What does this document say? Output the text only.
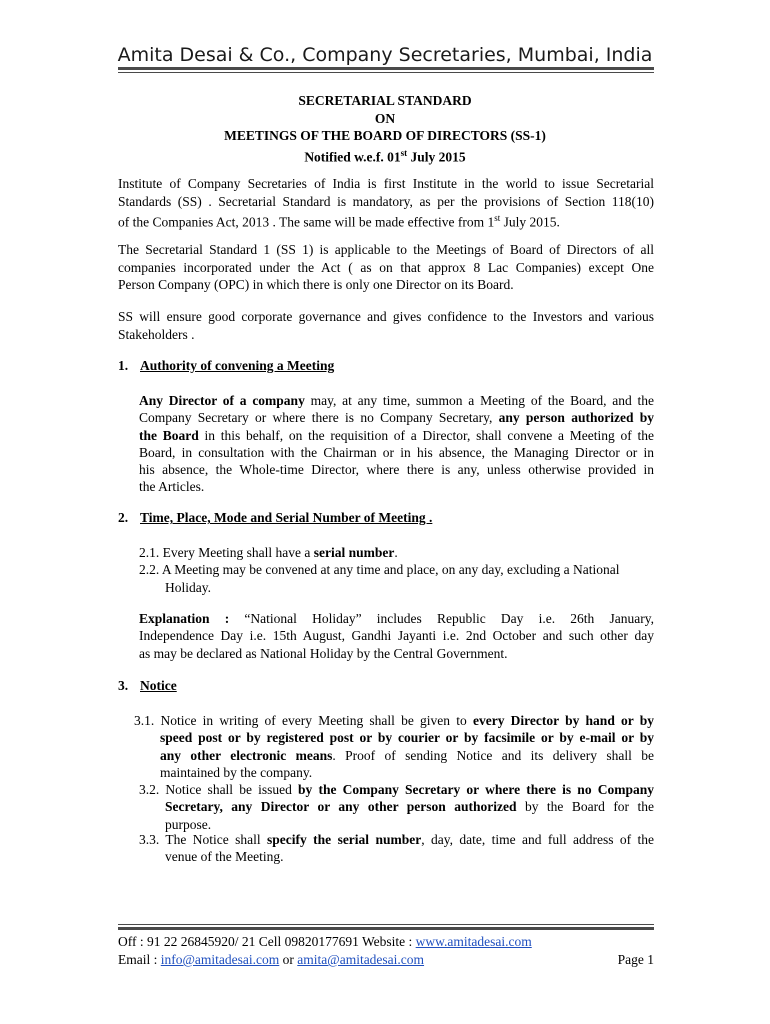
Amita Desai & Co., Company Secretaries, Mumbai, India
SECRETARIAL STANDARD
ON
MEETINGS OF THE BOARD OF DIRECTORS (SS-1)
Notified w.e.f. 01st July 2015
Institute of Company Secretaries of India is first Institute in the world to issue Secretarial
Standards (SS) . Secretarial Standard is mandatory, as per the provisions of Section 118(10)
of the Companies Act, 2013 . The same will be made effective from 1st July 2015.
The Secretarial Standard 1 (SS 1) is applicable to the Meetings of Board of Directors of all
companies incorporated under the Act ( as on that approx 8 Lac Companies) except One
Person Company (OPC) in which there is only one Director on its Board.
SS will ensure good corporate governance and gives confidence to the Investors and various
Stakeholders .
1. Authority of convening a Meeting
Any Director of a company may, at any time, summon a Meeting of the Board, and the
Company Secretary or where there is no Company Secretary, any person authorized by
the Board in this behalf, on the requisition of a Director, shall convene a Meeting of the
Board, in consultation with the Chairman or in his absence, the Managing Director or in
his absence, the Whole-time Director, where there is any, unless otherwise provided in
the Articles.
2. Time, Place, Mode and Serial Number of Meeting .
2.1. Every Meeting shall have a serial number.
2.2. A Meeting may be convened at any time and place, on any day, excluding a National Holiday.
Explanation : “National Holiday” includes Republic Day i.e. 26th January,
Independence Day i.e. 15th August, Gandhi Jayanti i.e. 2nd October and such other day
as may be declared as National Holiday by the Central Government.
3. Notice
3.1. Notice in writing of every Meeting shall be given to every Director by hand or by
speed post or by registered post or by courier or by facsimile or by e-mail or by
any other electronic means. Proof of sending Notice and its delivery shall be
maintained by the company.
3.2. Notice shall be issued by the Company Secretary or where there is no Company
Secretary, any Director or any other person authorized by the Board for the
purpose.
3.3. The Notice shall specify the serial number, day, date, time and full address of the
venue of the Meeting.
Off : 91 22 26845920/ 21 Cell 09820177691 Website : www.amitadesai.com
Email : info@amitadesai.com or amita@amitadesai.com	Page 1
